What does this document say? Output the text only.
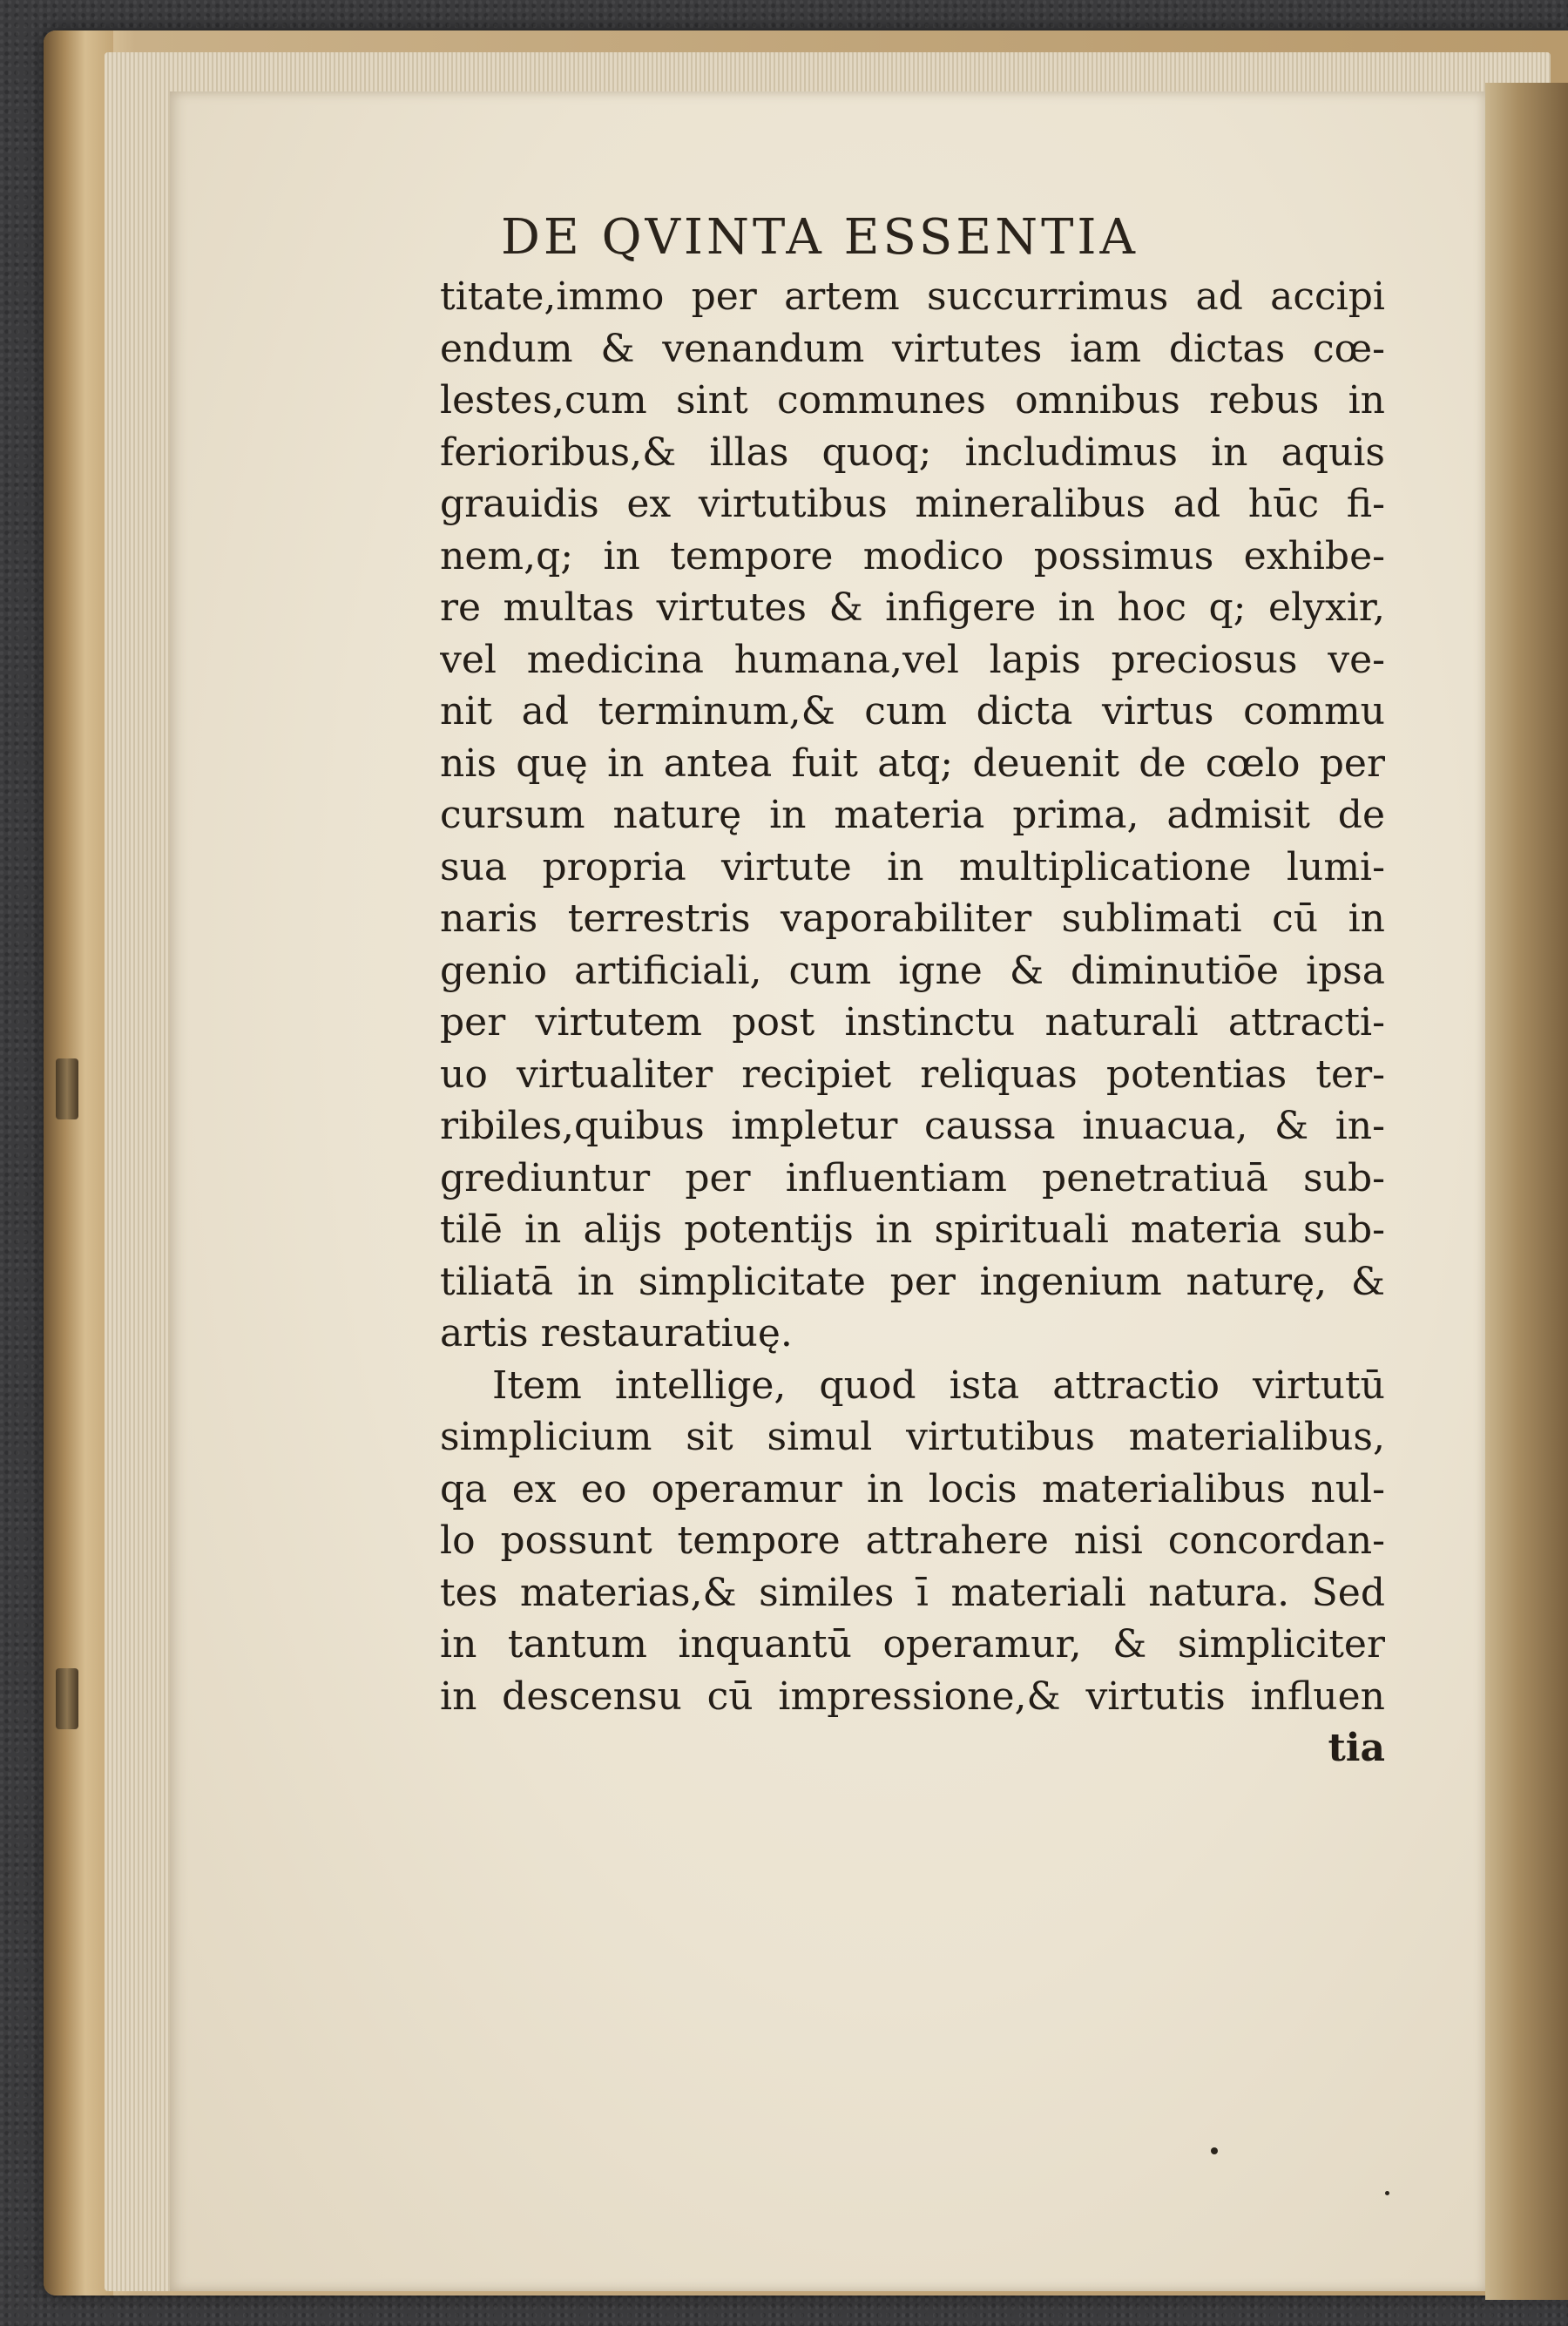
DE QVINTA ESSENTIA
titate,immo per artem succurrimus ad accipi
endum & venandum virtutes iam dictas cœ-
lestes,cum sint communes omnibus rebus in
ferioribus,& illas quoq; includimus in aquis
grauidis ex virtutibus mineralibus ad hūc fi-
nem,q; in tempore modico possimus exhibe-
re multas virtutes & infigere in hoc q; elyxir,
vel medicina humana,vel lapis preciosus ve-
nit ad terminum,& cum dicta virtus commu
nis quę in antea fuit atq; deuenit de cœlo per
cursum naturę in materia prima, admisit de
sua propria virtute in multiplicatione lumi-
naris terrestris vaporabiliter sublimati cū in
genio artificiali, cum igne & diminutiōe ipsa
per virtutem post instinctu naturali attracti-
uo virtualiter recipiet reliquas potentias ter-
ribiles,quibus impletur caussa inuacua, & in-
grediuntur per influentiam penetratiuā sub-
tilē in alijs potentijs in spirituali materia sub-
tiliatā in simplicitate per ingenium naturę, &
artis restauratiuę.
Item intellige, quod ista attractio virtutū
simplicium sit simul virtutibus materialibus,
qa ex eo operamur in locis materialibus nul-
lo possunt tempore attrahere nisi concordan-
tes materias,& similes ī materiali natura. Sed
in tantum inquantū operamur, & simpliciter
in descensu cū impressione,& virtutis influen
tia
